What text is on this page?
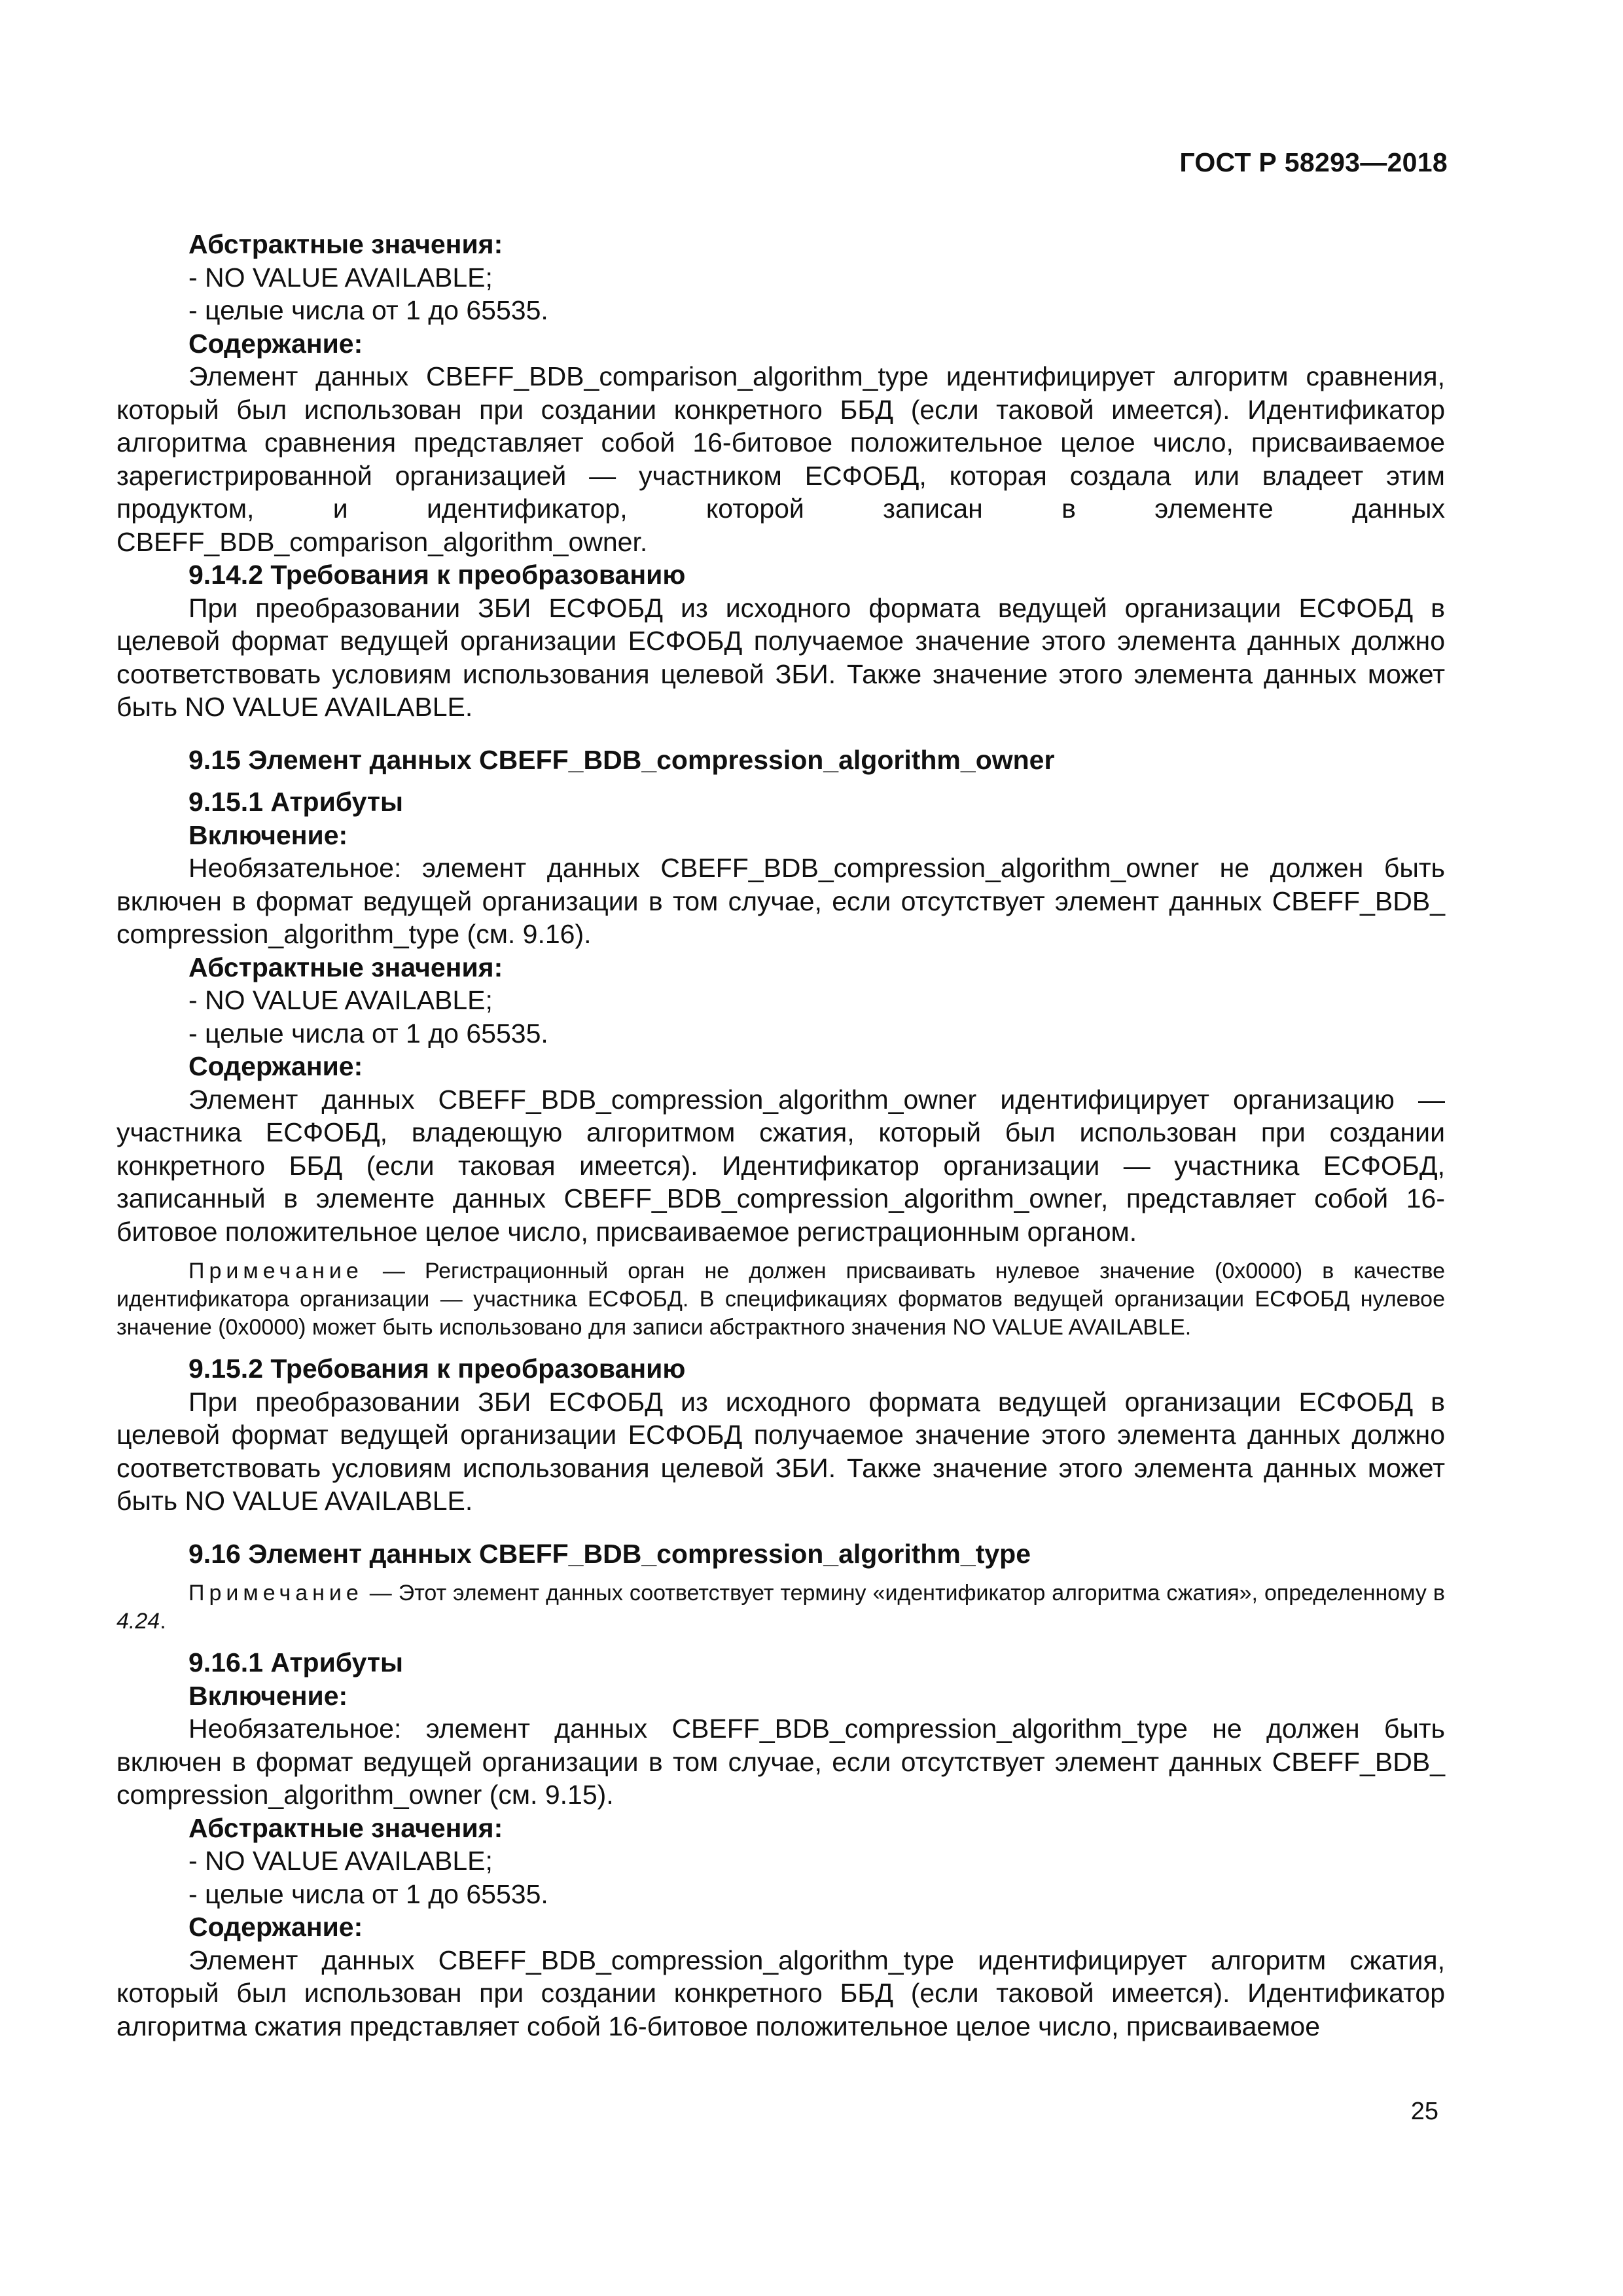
ГОСТ Р 58293—2018
Абстрактные значения:
- NO VALUE AVAILABLE;
- целые числа от 1 до 65535.
Содержание:

Элемент данных CBEFF_BDB_comparison_algorithm_type идентифицирует алгоритм сравнения, который был использован при создании конкретного ББД (если таковой имеется). Идентификатор алгоритма сравнения представляет собой 16-битовое положительное целое число, присваиваемое зарегистрированной организацией — участником ЕСФОБД, которая создала или владеет этим продуктом, и идентификатор, которой записан в элементе данных CBEFF_BDB_comparison_algorithm_owner.

9.14.2 Требования к преобразованию

При преобразовании ЗБИ ЕСФОБД из исходного формата ведущей организации ЕСФОБД в целевой формат ведущей организации ЕСФОБД получаемое значение этого элемента данных должно соответствовать условиям использования целевой ЗБИ. Также значение этого элемента данных может быть NO VALUE AVAILABLE.

9.15 Элемент данных CBEFF_BDB_compression_algorithm_owner
9.15.1 Атрибуты
Включение:

Необязательное: элемент данных CBEFF_BDB_compression_algorithm_owner не должен быть включен в формат ведущей организации в том случае, если отсутствует элемент данных CBEFF_BDB_ compression_algorithm_type (см. 9.16).

Абстрактные значения:
- NO VALUE AVAILABLE;
- целые числа от 1 до 65535.
Содержание:

Элемент данных CBEFF_BDB_compression_algorithm_owner идентифицирует организацию — участника ЕСФОБД, владеющую алгоритмом сжатия, который был использован при создании конкретного ББД (если таковая имеется). Идентификатор организации — участника ЕСФОБД, записанный в элементе данных CBEFF_BDB_compression_algorithm_owner, представляет собой 16-битовое положительное целое число, присваиваемое регистрационным органом.

Примечание — Регистрационный орган не должен присваивать нулевое значение (0x0000) в качестве идентификатора организации — участника ЕСФОБД. В спецификациях форматов ведущей организации ЕСФОБД нулевое значение (0x0000) может быть использовано для записи абстрактного значения NO VALUE AVAILABLE.
9.15.2 Требования к преобразованию

При преобразовании ЗБИ ЕСФОБД из исходного формата ведущей организации ЕСФОБД в целевой формат ведущей организации ЕСФОБД получаемое значение этого элемента данных должно соответствовать условиям использования целевой ЗБИ. Также значение этого элемента данных может быть NO VALUE AVAILABLE.

9.16 Элемент данных CBEFF_BDB_compression_algorithm_type
Примечание — Этот элемент данных соответствует термину «идентификатор алгоритма сжатия», определенному в 4.24.
9.16.1 Атрибуты
Включение:

Необязательное: элемент данных CBEFF_BDB_compression_algorithm_type не должен быть включен в формат ведущей организации в том случае, если отсутствует элемент данных CBEFF_BDB_ compression_algorithm_owner (см. 9.15).

Абстрактные значения:
- NO VALUE AVAILABLE;
- целые числа от 1 до 65535.
Содержание:

Элемент данных CBEFF_BDB_compression_algorithm_type идентифицирует алгоритм сжатия, который был использован при создании конкретного ББД (если таковой имеется). Идентификатор алгоритма сжатия представляет собой 16-битовое положительное целое число, присваиваемое

25
